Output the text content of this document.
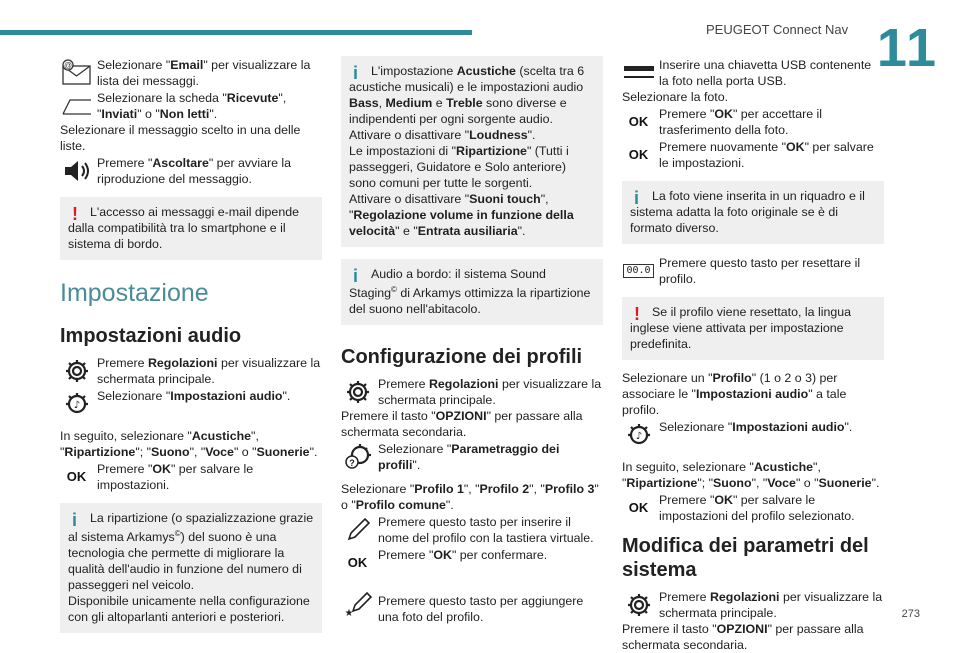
PEUGEOT Connect Nav 11
273
@ Selezionare "Email" per visualizzare la lista dei messaggi.
Selezionare la scheda "Ricevute", "Inviati" o "Non letti".

Selezionare il messaggio scelto in una delle liste.

Premere "Ascoltare" per avviare la riproduzione del messaggio.
! L'accesso ai messaggi e-mail dipende dalla compatibilità tra lo smartphone e il sistema di bordo.
Impostazione
Impostazioni audio
Premere Regolazioni per visualizzare la schermata principale.
♪
Selezionare "Impostazioni audio".

In seguito, selezionare "Acustiche", "Ripartizione"; "Suono", "Voce" o "Suonerie".

OK Premere "OK" per salvare le impostazioni.
i	La ripartizione (o spazializzazione grazie al sistema Arkamys©) del suono è una tecnologia che permette di migliorare la qualità dell'audio in funzione del numero di passeggeri nel veicolo.
Disponibile unicamente nella configurazione con gli altoparlanti anteriori e posteriori.
i	L'impostazione Acustiche (scelta tra 6 acustiche musicali) e le impostazioni audio Bass, Medium e Treble sono diverse e indipendenti per ogni sorgente audio.
Attivare o disattivare "Loudness".
Le impostazioni di "Ripartizione" (Tutti i passeggeri, Guidatore e Solo anteriore) sono comuni per tutte le sorgenti.
Attivare o disattivare "Suoni touch", "Regolazione volume in funzione della velocità" e "Entrata ausiliaria".
i	Audio a bordo: il sistema Sound Staging© di Arkamys ottimizza la ripartizione del suono nell'abitacolo.
Configurazione dei profili
Premere Regolazioni per visualizzare la schermata principale.

Premere il tasto "OPZIONI" per passare alla schermata secondaria.

?
Selezionare "Parametraggio dei profili".

Selezionare "Profilo 1", "Profilo 2", "Profilo 3" o "Profilo comune".

Premere questo tasto per inserire il nome del profilo con la tastiera virtuale.
OK Premere "OK" per confermare.
★
Premere questo tasto per aggiungere una foto del profilo.
Inserire una chiavetta USB contenente la foto nella porta USB.

Selezionare la foto.

OK Premere "OK" per accettare il trasferimento della foto.
OK Premere nuovamente "OK" per salvare le impostazioni.
i	La foto viene inserita in un riquadro e il sistema adatta la foto originale se è di formato diverso.
00.0 Premere questo tasto per resettare il profilo.
! Se il profilo viene resettato, la lingua inglese viene attivata per impostazione predefinita.

Selezionare un "Profilo" (1 o 2 o 3) per associare le "Impostazioni audio" a tale profilo.

♪
Selezionare "Impostazioni audio".

In seguito, selezionare "Acustiche", "Ripartizione"; "Suono", "Voce" o "Suonerie".

OK Premere "OK" per salvare le impostazioni del profilo selezionato.
Modifica dei parametri del sistema
Premere Regolazioni per visualizzare la schermata principale.

Premere il tasto "OPZIONI" per passare alla schermata secondaria.
